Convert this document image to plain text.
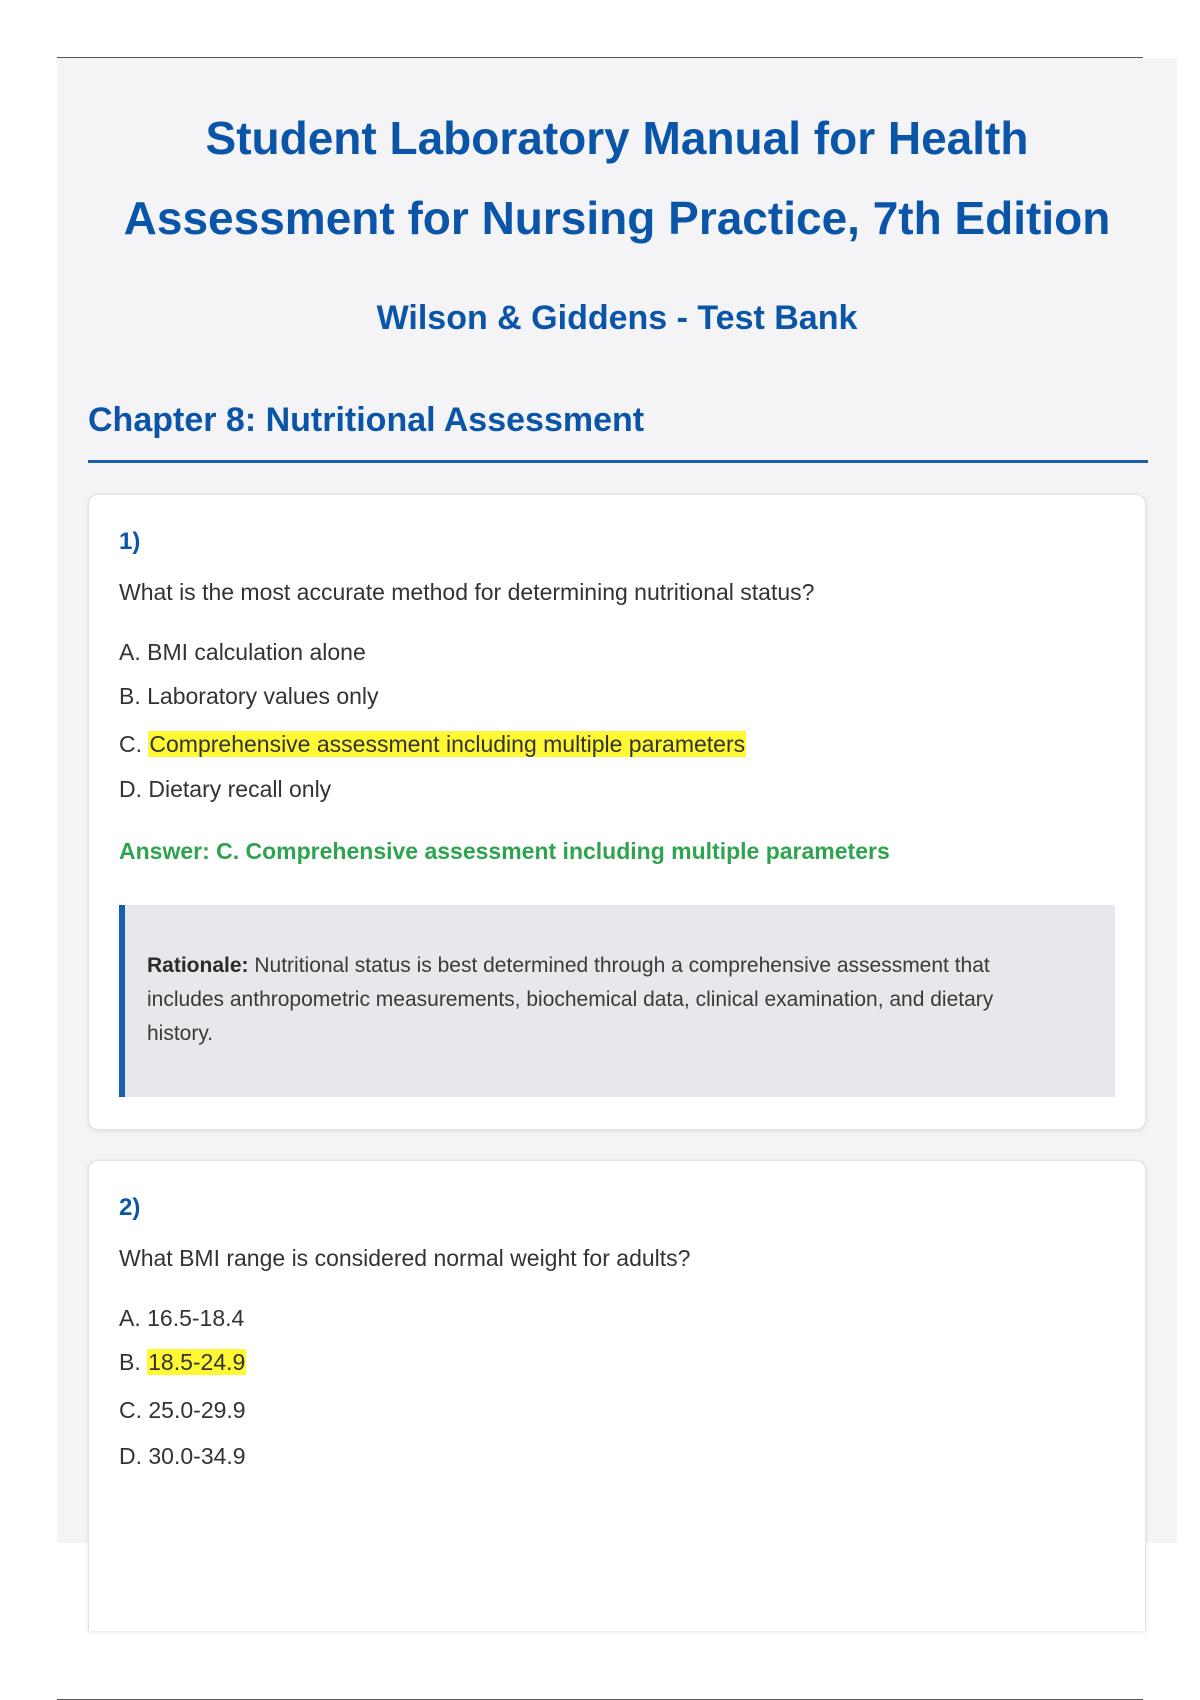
Student Laboratory Manual for Health
Assessment for Nursing Practice, 7th Edition
Wilson & Giddens - Test Bank
Chapter 8: Nutritional Assessment
1)
What is the most accurate method for determining nutritional status?
A. BMI calculation alone
B. Laboratory values only
C. Comprehensive assessment including multiple parameters
D. Dietary recall only
Answer: C. Comprehensive assessment including multiple parameters

Rationale: Nutritional status is best determined through a comprehensive assessment that includes anthropometric measurements, biochemical data, clinical examination, and dietary history.

2)
What BMI range is considered normal weight for adults?
A. 16.5-18.4
B. 18.5-24.9
C. 25.0-29.9
D. 30.0-34.9
